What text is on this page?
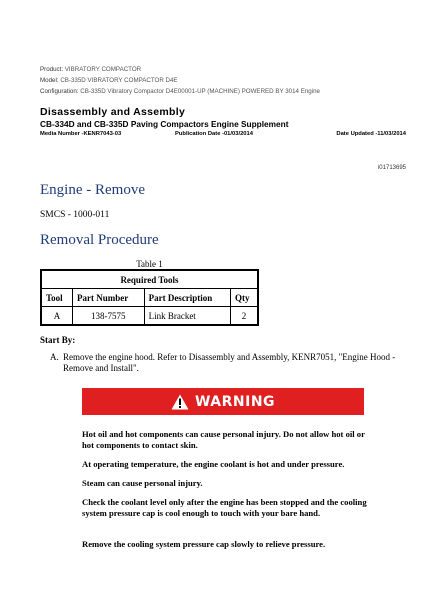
Product: VIBRATORY COMPACTOR
Model: CB-335D VIBRATORY COMPACTOR D4E
Configuration: CB-335D Vibratory Compactor D4E00001-UP (MACHINE) POWERED BY 3014 Engine
Disassembly and Assembly
CB-334D and CB-335D Paving Compactors Engine Supplement
Media Number -KENR7043-03	Publication Date -01/03/2014	Date Updated -11/03/2014
i01713695
Engine - Remove
SMCS - 1000-011
Removal Procedure
Table 1
Required Tools			
Tool	Part Number	Part Description	Qty
A	138-7575	Link Bracket	2
Start By:
A. Remove the engine hood. Refer to Disassembly and Assembly, KENR7051, "Engine Hood - Remove and Install".
WARNING
Hot oil and hot components can cause personal injury. Do not allow hot oil or hot components to contact skin.
At operating temperature, the engine coolant is hot and under pressure.
Steam can cause personal injury.
Check the coolant level only after the engine has been stopped and the cooling system pressure cap is cool enough to touch with your bare hand.
Remove the cooling system pressure cap slowly to relieve pressure.
